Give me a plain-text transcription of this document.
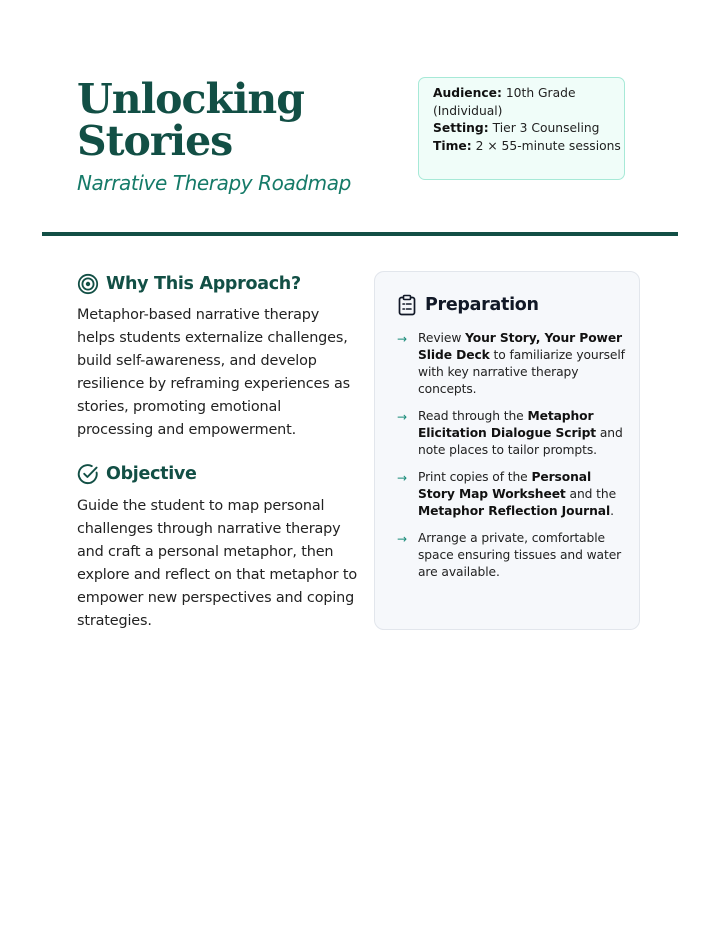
Unlocking
Stories

Narrative Therapy Roadmap

Audience: 10th Grade (Individual)
Setting: Tier 3 Counseling
Time: 2 × 55-minute sessions
Why This Approach?

Metaphor-based narrative therapy helps students externalize challenges, build self-awareness, and develop resilience by reframing experiences as stories, promoting emotional processing and empowerment.

Objective

Guide the student to map personal challenges through narrative therapy and craft a personal metaphor, then explore and reflect on that metaphor to empower new perspectives and coping strategies.

Preparation
→ Review Your Story, Your Power Slide Deck to familiarize yourself with key narrative therapy concepts.
→ Read through the Metaphor Elicitation Dialogue Script and note places to tailor prompts.
→ Print copies of the Personal Story Map Worksheet and the Metaphor Reflection Journal.
→ Arrange a private, comfortable space ensuring tissues and water are available.
